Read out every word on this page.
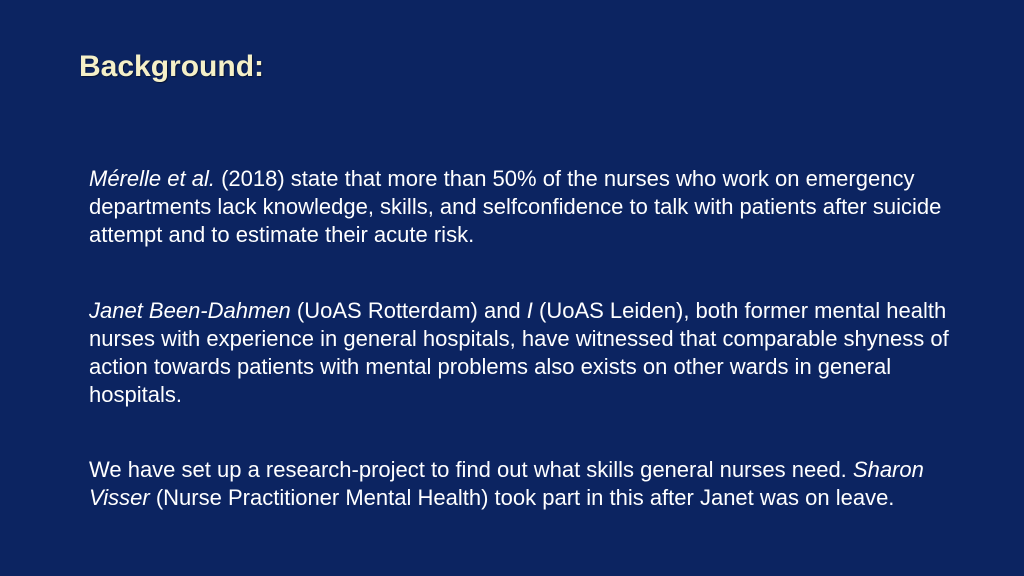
Background:

Mérelle et al. (2018) state that more than 50% of the nurses who work on emergency departments lack knowledge, skills, and selfconfidence to talk with patients after suicide attempt and to estimate their acute risk.

Janet Been-Dahmen (UoAS Rotterdam) and I (UoAS Leiden), both former mental health nurses with experience in general hospitals, have witnessed that comparable shyness of action towards patients with mental problems also exists on other wards in general hospitals.

We have set up a research-project to find out what skills general nurses need. Sharon Visser (Nurse Practitioner Mental Health) took part in this after Janet was on leave.
